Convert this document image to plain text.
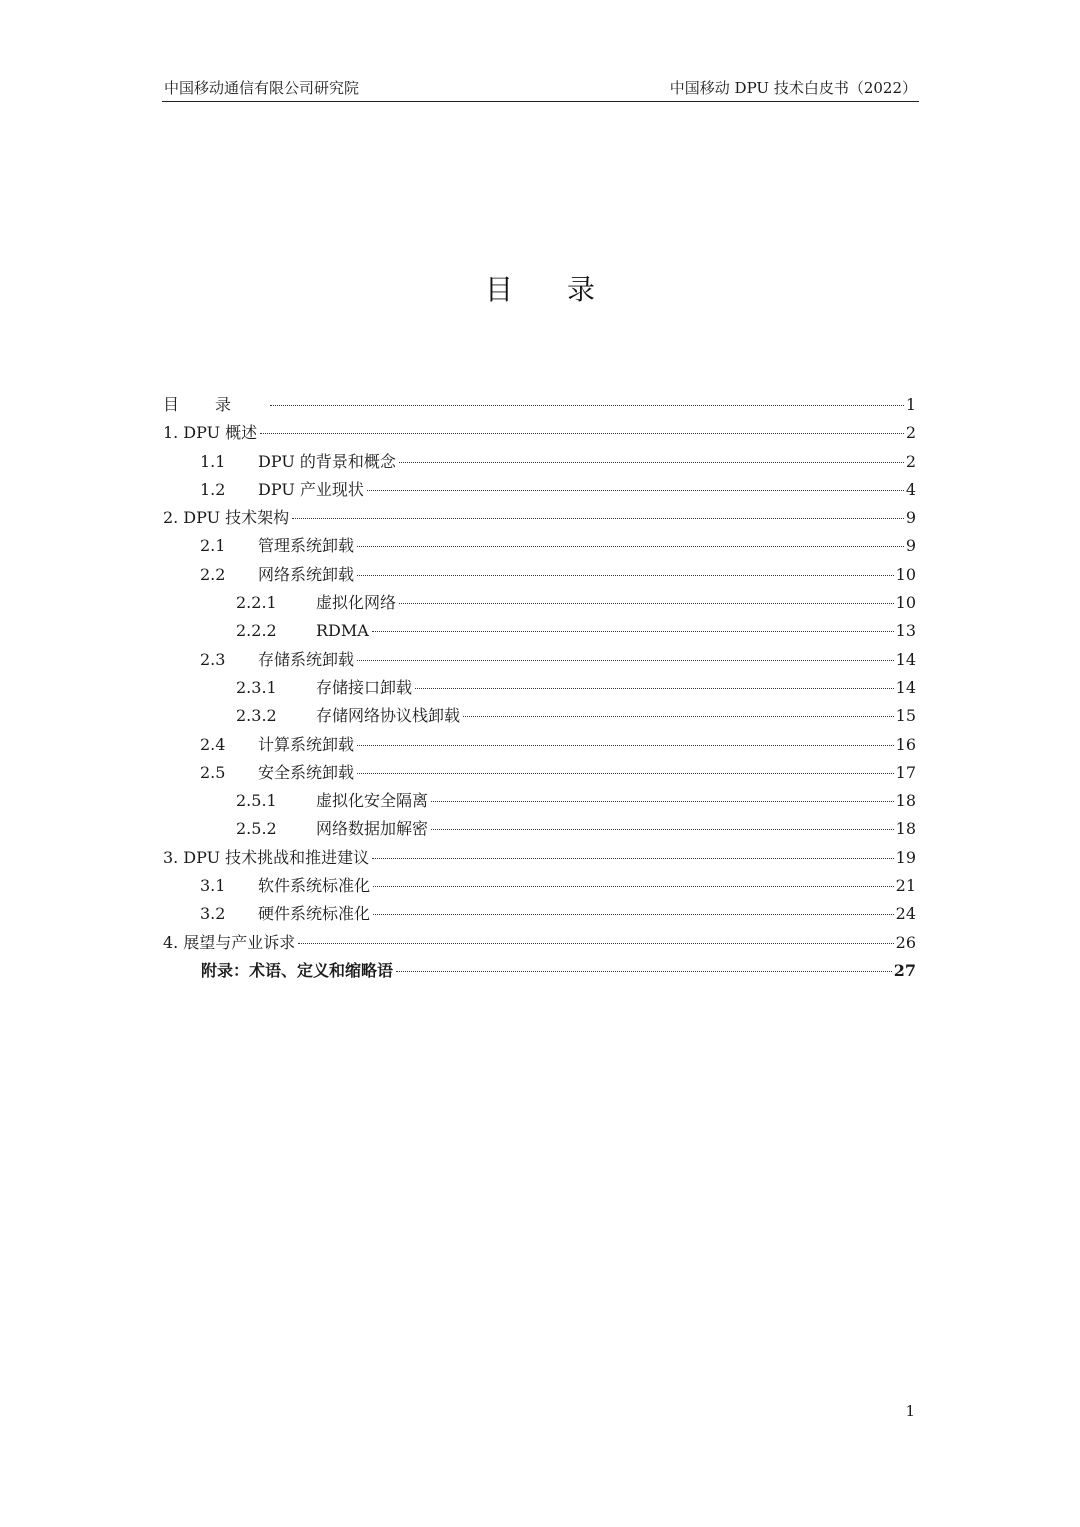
中国移动通信有限公司研究院	中国移动 DPU 技术白皮书（2022）
目录
目录	1
1. DPU 概述	2
1.1	DPU 的背景和概念	2
1.2	DPU 产业现状	4
2. DPU 技术架构	9
2.1	管理系统卸载	9
2.2	网络系统卸载	10
2.2.1	虚拟化网络	10
2.2.2	RDMA	13
2.3	存储系统卸载	14
2.3.1	存储接口卸载	14
2.3.2	存储网络协议栈卸载	15
2.4	计算系统卸载	16
2.5	安全系统卸载	17
2.5.1	虚拟化安全隔离	18
2.5.2	网络数据加解密	18
3. DPU 技术挑战和推进建议	19
3.1	软件系统标准化	21
3.2	硬件系统标准化	24
4. 展望与产业诉求	26
附录：术语、定义和缩略语	27
1
